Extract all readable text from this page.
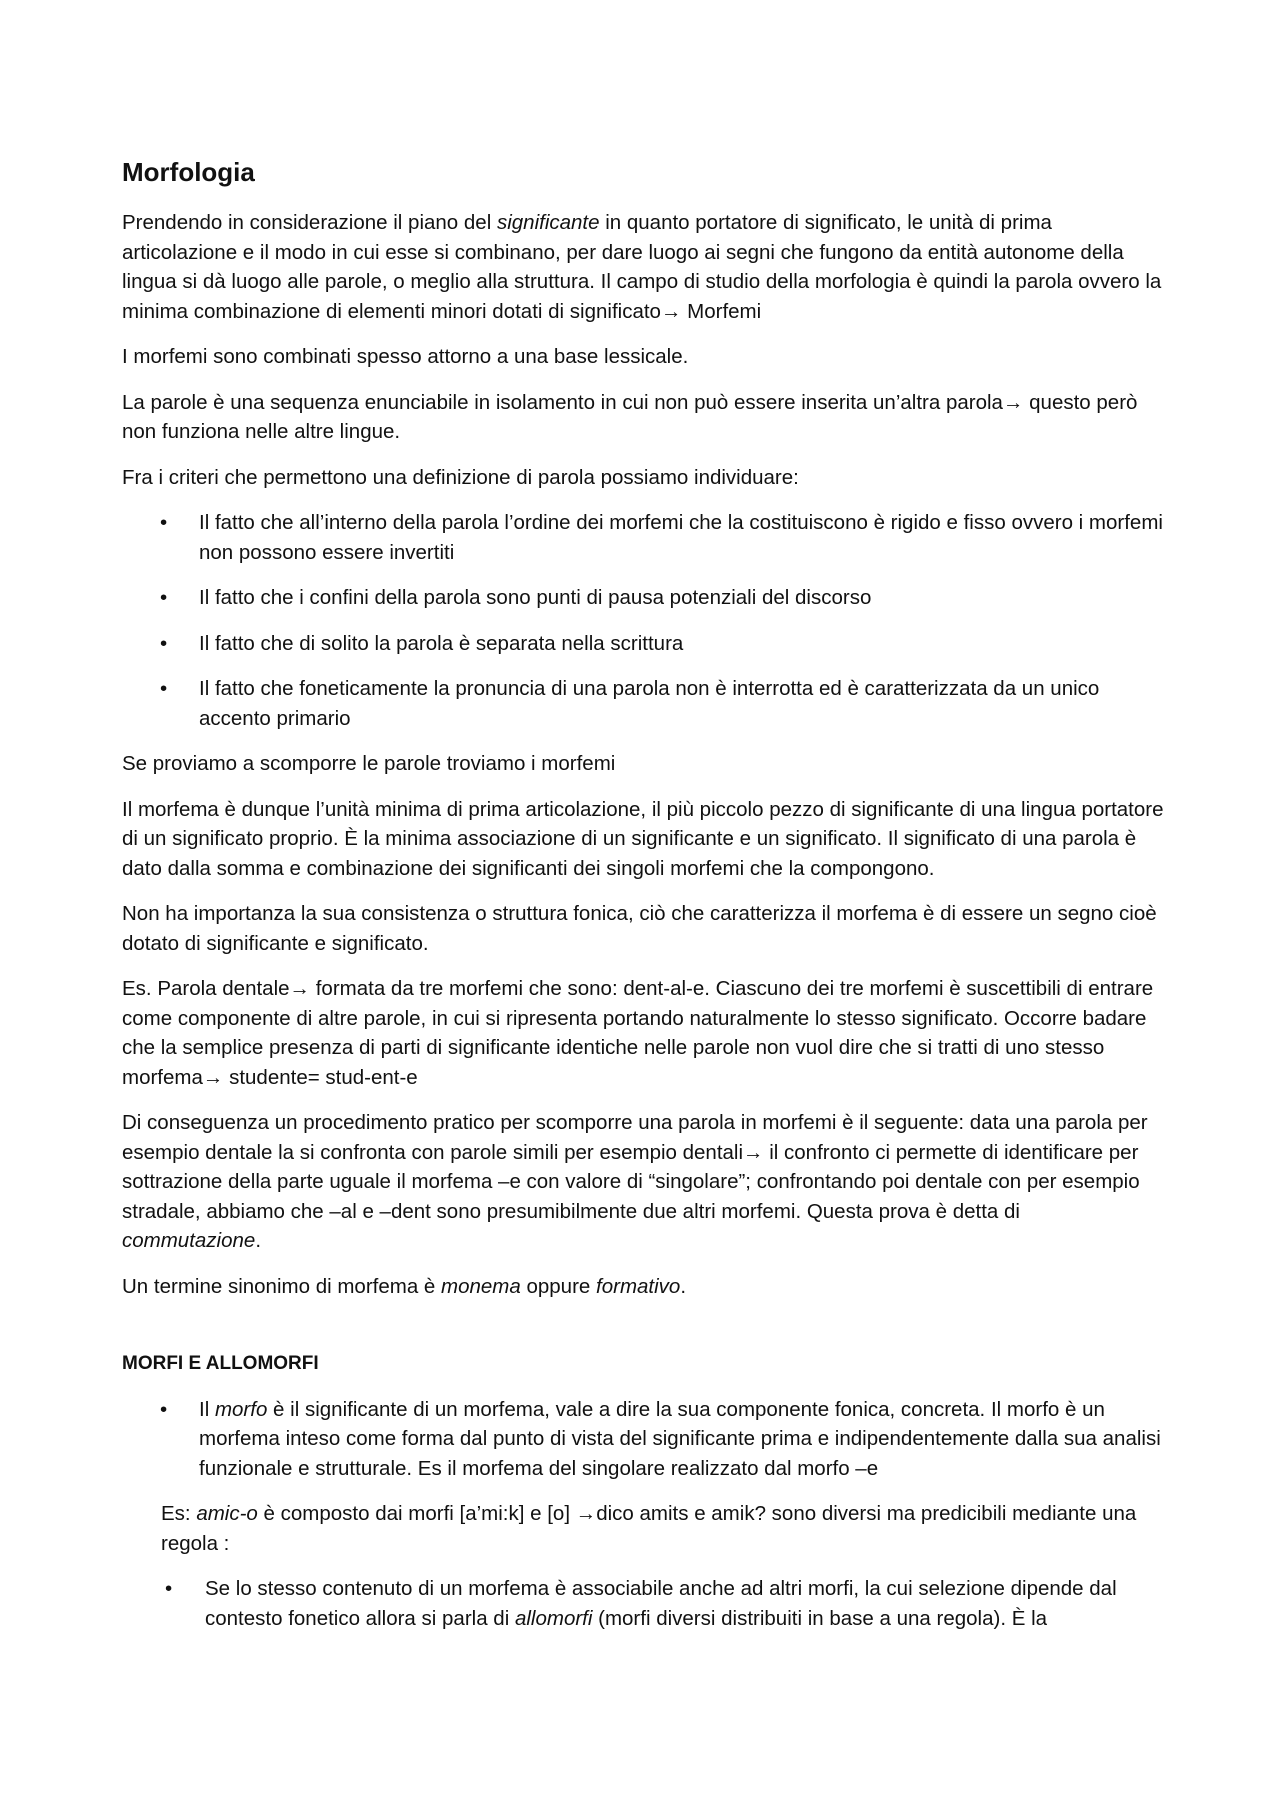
Morfologia

Prendendo in considerazione il piano del significante in quanto portatore di significato, le unità di prima articolazione e il modo in cui esse si combinano, per dare luogo ai segni che fungono da entità autonome della lingua si dà luogo alle parole, o meglio alla struttura. Il campo di studio della morfologia è quindi la parola ovvero la minima combinazione di elementi minori dotati di significato→ Morfemi

I morfemi sono combinati spesso attorno a una base lessicale.

La parole è una sequenza enunciabile in isolamento in cui non può essere inserita un’altra parola→ questo però non funziona nelle altre lingue.

Fra i criteri che permettono una definizione di parola possiamo individuare:

• Il fatto che all’interno della parola l’ordine dei morfemi che la costituiscono è rigido e fisso ovvero i morfemi non possono essere invertiti
• Il fatto che i confini della parola sono punti di pausa potenziali del discorso
• Il fatto che di solito la parola è separata nella scrittura
• Il fatto che foneticamente la pronuncia di una parola non è interrotta ed è caratterizzata da un unico accento primario

Se proviamo a scomporre le parole troviamo i morfemi

Il morfema è dunque l’unità minima di prima articolazione, il più piccolo pezzo di significante di una lingua portatore di un significato proprio. È la minima associazione di un significante e un significato. Il significato di una parola è dato dalla somma e combinazione dei significanti dei singoli morfemi che la compongono.

Non ha importanza la sua consistenza o struttura fonica, ciò che caratterizza il morfema è di essere un segno cioè dotato di significante e significato.

Es. Parola dentale→ formata da tre morfemi che sono: dent-al-e. Ciascuno dei tre morfemi è suscettibili di entrare come componente di altre parole, in cui si ripresenta portando naturalmente lo stesso significato. Occorre badare che la semplice presenza di parti di significante identiche nelle parole non vuol dire che si tratti di uno stesso morfema→ studente= stud-ent-e

Di conseguenza un procedimento pratico per scomporre una parola in morfemi è il seguente: data una parola per esempio dentale la si confronta con parole simili per esempio dentali→ il confronto ci permette di identificare per sottrazione della parte uguale il morfema –e con valore di “singolare”; confrontando poi dentale con per esempio stradale, abbiamo che –al e –dent sono presumibilmente due altri morfemi. Questa prova è detta di commutazione.

Un termine sinonimo di morfema è monema oppure formativo.

MORFI E ALLOMORFI

• Il morfo è il significante di un morfema, vale a dire la sua componente fonica, concreta. Il morfo è un morfema inteso come forma dal punto di vista del significante prima e indipendentemente dalla sua analisi funzionale e strutturale. Es il morfema del singolare realizzato dal morfo –e

Es: amic-o è composto dai morfi [a’mi:k] e [o] →dico amits e amik? sono diversi ma predicibili mediante una regola :

• Se lo stesso contenuto di un morfema è associabile anche ad altri morfi, la cui selezione dipende dal contesto fonetico allora si parla di allomorfi (morfi diversi distribuiti in base a una regola). È la
